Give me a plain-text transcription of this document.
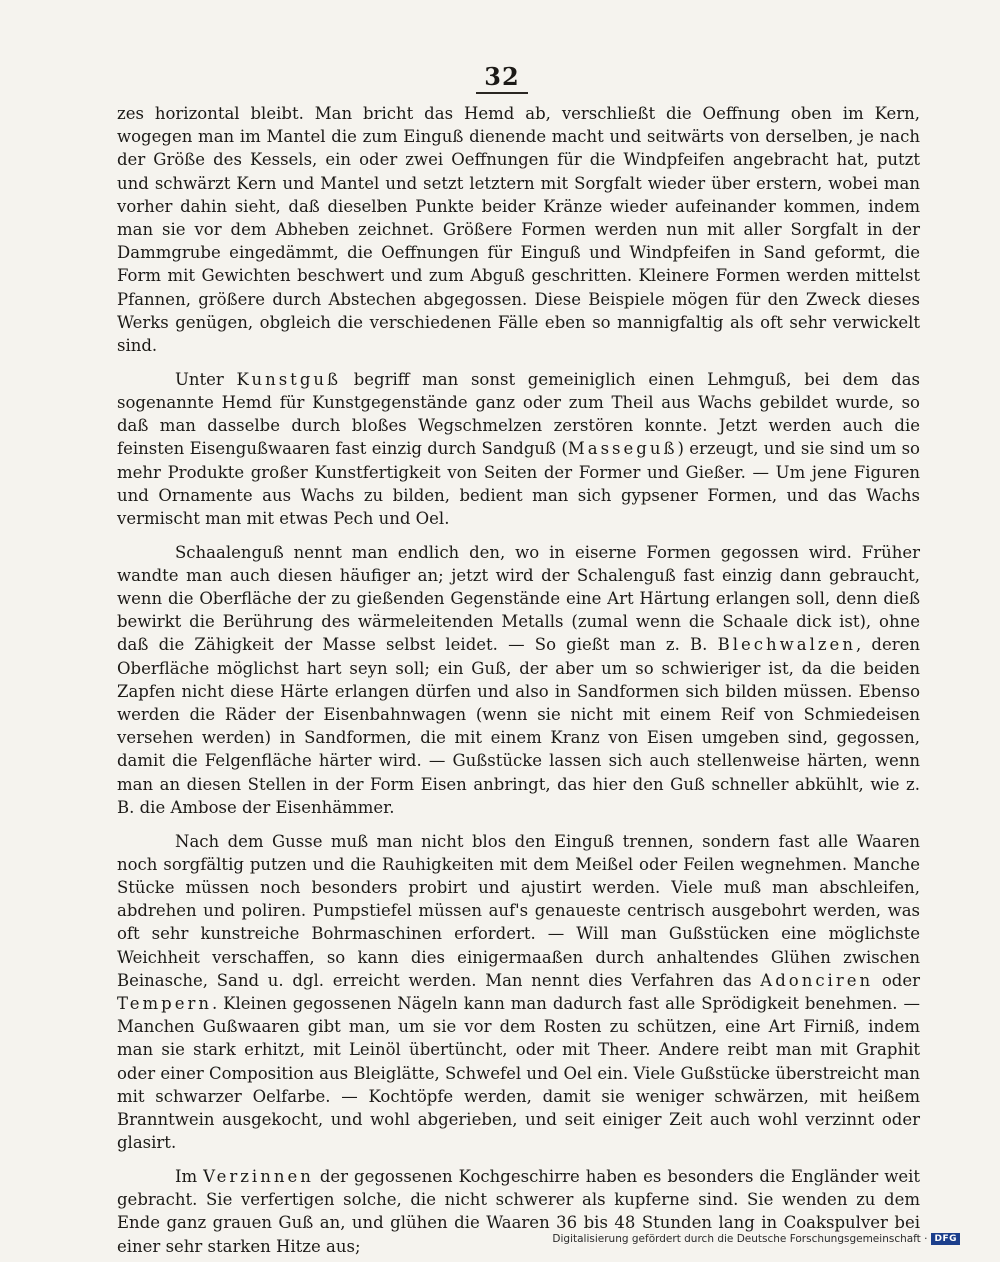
32

zes horizontal bleibt. Man bricht das Hemd ab, verschließt die Oeffnung oben im Kern, wogegen man im Mantel die zum Einguß dienende macht und seitwärts von derselben, je nach der Größe des Kessels, ein oder zwei Oeffnungen für die Windpfeifen angebracht hat, putzt und schwärzt Kern und Mantel und setzt letztern mit Sorgfalt wieder über erstern, wobei man vorher dahin sieht, daß dieselben Punkte beider Kränze wieder aufeinander kommen, indem man sie vor dem Abheben zeichnet. Größere Formen werden nun mit aller Sorgfalt in der Dammgrube eingedämmt, die Oeffnungen für Einguß und Windpfeifen in Sand geformt, die Form mit Gewichten beschwert und zum Abguß geschritten. Kleinere Formen werden mittelst Pfannen, größere durch Abstechen abgegossen. Diese Beispiele mögen für den Zweck dieses Werks genügen, obgleich die verschiedenen Fälle eben so mannigfaltig als oft sehr verwickelt sind.

Unter Kunstguß begriff man sonst gemeiniglich einen Lehmguß, bei dem das sogenannte Hemd für Kunstgegenstände ganz oder zum Theil aus Wachs gebildet wurde, so daß man dasselbe durch bloßes Wegschmelzen zerstören konnte. Jetzt werden auch die feinsten Eisengußwaaren fast einzig durch Sandguß (Masseguß) erzeugt, und sie sind um so mehr Produkte großer Kunstfertigkeit von Seiten der Former und Gießer. — Um jene Figuren und Ornamente aus Wachs zu bilden, bedient man sich gypsener Formen, und das Wachs vermischt man mit etwas Pech und Oel.

Schaalenguß nennt man endlich den, wo in eiserne Formen gegossen wird. Früher wandte man auch diesen häufiger an; jetzt wird der Schalenguß fast einzig dann gebraucht, wenn die Oberfläche der zu gießenden Gegenstände eine Art Härtung erlangen soll, denn dieß bewirkt die Berührung des wärmeleitenden Metalls (zumal wenn die Schaale dick ist), ohne daß die Zähigkeit der Masse selbst leidet. — So gießt man z. B. Blechwalzen, deren Oberfläche möglichst hart seyn soll; ein Guß, der aber um so schwieriger ist, da die beiden Zapfen nicht diese Härte erlangen dürfen und also in Sandformen sich bilden müssen. Ebenso werden die Räder der Eisenbahnwagen (wenn sie nicht mit einem Reif von Schmiedeisen versehen werden) in Sandformen, die mit einem Kranz von Eisen umgeben sind, gegossen, damit die Felgenfläche härter wird. — Gußstücke lassen sich auch stellenweise härten, wenn man an diesen Stellen in der Form Eisen anbringt, das hier den Guß schneller abkühlt, wie z. B. die Ambose der Eisenhämmer.

Nach dem Gusse muß man nicht blos den Einguß trennen, sondern fast alle Waaren noch sorgfältig putzen und die Rauhigkeiten mit dem Meißel oder Feilen wegnehmen. Manche Stücke müssen noch besonders probirt und ajustirt werden. Viele muß man abschleifen, abdrehen und poliren. Pumpstiefel müssen auf's genaueste centrisch ausgebohrt werden, was oft sehr kunstreiche Bohrmaschinen erfordert. — Will man Gußstücken eine möglichste Weichheit verschaffen, so kann dies einigermaaßen durch anhaltendes Glühen zwischen Beinasche, Sand u. dgl. erreicht werden. Man nennt dies Verfahren das Adonciren oder Tempern. Kleinen gegossenen Nägeln kann man dadurch fast alle Sprödigkeit benehmen. — Manchen Gußwaaren gibt man, um sie vor dem Rosten zu schützen, eine Art Firniß, indem man sie stark erhitzt, mit Leinöl übertüncht, oder mit Theer. Andere reibt man mit Graphit oder einer Composition aus Bleiglätte, Schwefel und Oel ein. Viele Gußstücke überstreicht man mit schwarzer Oelfarbe. — Kochtöpfe werden, damit sie weniger schwärzen, mit heißem Branntwein ausgekocht, und wohl abgerieben, und seit einiger Zeit auch wohl verzinnt oder glasirt.

Im Verzinnen der gegossenen Kochgeschirre haben es besonders die Engländer weit gebracht. Sie verfertigen solche, die nicht schwerer als kupferne sind. Sie wenden zu dem Ende ganz grauen Guß an, und glühen die Waaren 36 bis 48 Stunden lang in Coakspulver bei einer sehr starken Hitze aus;	Digitalisierung gefördert durch die Deutsche Forschungsgemeinschaft · DFG
